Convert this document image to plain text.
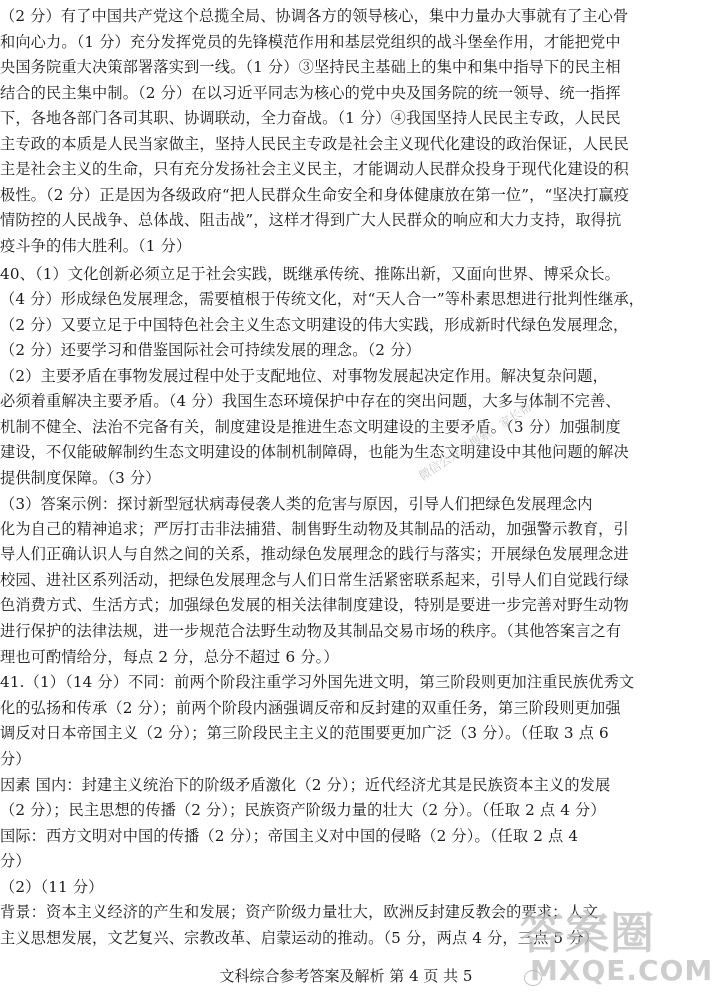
（2 分）有了中国共产党这个总揽全局、协调各方的领导核心，集中力量办大事就有了主心骨
和向心力。（1 分）充分发挥党员的先锋模范作用和基层党组织的战斗堡垒作用，才能把党中
央国务院重大决策部署落实到一线。（1 分）③坚持民主基础上的集中和集中指导下的民主相
结合的民主集中制。（2 分）在以习近平同志为核心的党中央及国务院的统一领导、统一指挥
下，各地各部门各司其职、协调联动，全力奋战。（1 分）④我国坚持人民民主专政，人民民
主专政的本质是人民当家做主，坚持人民民主专政是社会主义现代化建设的政治保证，人民民
主是社会主义的生命，只有充分发扬社会主义民主，才能调动人民群众投身于现代化建设的积
极性。（2 分）正是因为各级政府“把人民群众生命安全和身体健康放在第一位”，“坚决打赢疫
情防控的人民战争、总体战、阻击战”，这样才得到广大人民群众的响应和大力支持，取得抗
疫斗争的伟大胜利。（1 分）
40、（1）文化创新必须立足于社会实践，既继承传统、推陈出新，又面向世界、博采众长。
（4 分）形成绿色发展理念，需要植根于传统文化，对“天人合一”等朴素思想进行批判性继承，
（2 分）又要立足于中国特色社会主义生态文明建设的伟大实践，形成新时代绿色发展理念，
（2 分）还要学习和借鉴国际社会可持续发展的理念。（2 分）
（2）主要矛盾在事物发展过程中处于支配地位、对事物发展起决定作用。解决复杂问题，
必须着重解决主要矛盾。（4 分）我国生态环境保护中存在的突出问题，大多与体制不完善、
机制不健全、法治不完备有关，制度建设是推进生态文明建设的主要矛盾。（3 分）加强制度
建设，不仅能破解制约生态文明建设的体制机制障碍，也能为生态文明建设中其他问题的解决
提供制度保障。（3 分）
（3）答案示例：探讨新型冠状病毒侵袭人类的危害与原因，引导人们把绿色发展理念内
化为自己的精神追求；严厉打击非法捕猎、制售野生动物及其制品的活动，加强警示教育，引
导人们正确认识人与自然之间的关系，推动绿色发展理念的践行与落实；开展绿色发展理念进
校园、进社区系列活动，把绿色发展理念与人们日常生活紧密联系起来，引导人们自觉践行绿
色消费方式、生活方式；加强绿色发展的相关法律制度建设，特别是要进一步完善对野生动物
进行保护的法律法规，进一步规范合法野生动物及其制品交易市场的秩序。（其他答案言之有
理也可酌情给分，每点 2 分，总分不超过 6 分。）
41.（1）（14 分）不同：前两个阶段注重学习外国先进文明，第三阶段则更加注重民族优秀文
化的弘扬和传承（2 分）；前两个阶段内涵强调反帝和反封建的双重任务，第三阶段则更加强
调反对日本帝国主义（2 分）；第三阶段民主主义的范围要更加广泛（3 分）。（任取 3 点 6
分）
因素 国内：封建主义统治下的阶级矛盾激化（2 分）；近代经济尤其是民族资本主义的发展
（2 分）；民主思想的传播（2 分）；民族资产阶级力量的壮大（2 分）。（任取 2 点 4 分）
国际：西方文明对中国的传播（2 分）；帝国主义对中国的侵略（2 分）。（任取 2 点 4
分）
（2）（11 分）
背景：资本主义经济的产生和发展；资产阶级力量壮大，欧洲反封建反教会的要求；人文
主义思想发展，文艺复兴、宗教改革、启蒙运动的推动。（5 分，两点 4 分，三点 5 分）
微信公众号搜索：家长帮
文科综合参考答案及解析 第 4 页 共 5
答案圈
MXQE.COM
